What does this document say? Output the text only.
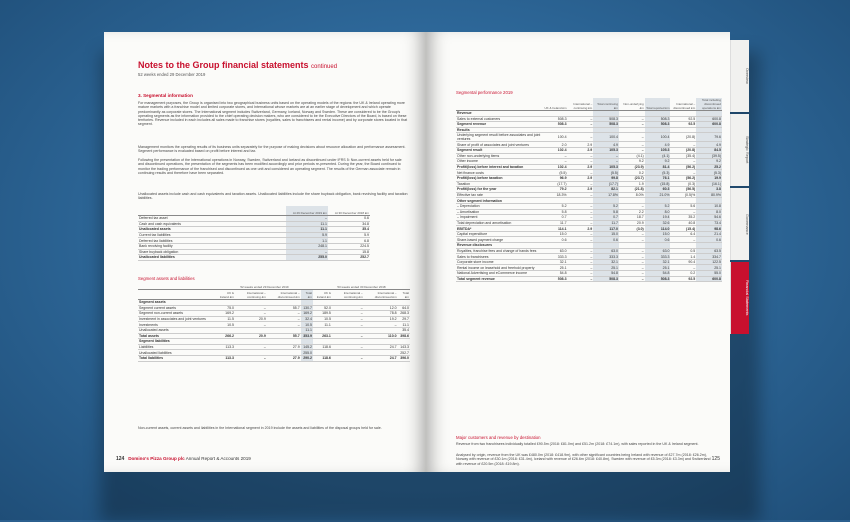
Notes to the Group financial statements continued
52 weeks ended 29 December 2019
3. Segmental information
For management purposes, the Group is organised into two geographical business units based on the operating models of the regions: the UK & Ireland operating more mature markets with a franchise model and limited corporate stores, and International whose markets are at an earlier stage of development and which operate predominantly as corporate stores. The International segment includes Switzerland, Germany, Iceland, Norway and Sweden. These are considered to be the Group's operating segments as the information provided to the chief operating decision makers, who are considered to be the Executive Directors of the Board, is based on these territories. Revenue included in each includes all sales made to franchise stores (royalties, sales to franchisees and rental income) and by corporate stores located in that segment.
Management monitors the operating results of its business units separately for the purpose of making decisions about resource allocation and performance assessment. Segment performance is evaluated based on profit before interest and tax.
Following the presentation of the International operations in Norway, Sweden, Switzerland and Iceland as discontinued under IFRS 5: Non-current assets held for sale and discontinued operations, the presentation of the segments has been modified accordingly and prior periods re-presented. During the year, the Board continued to monitor the trading performance of the franchised and discontinued as one unit and considered an operating segment. The results of the German associate remain in continuing results and therefore have been separated.
Unallocated assets include cash and cash equivalents and taxation assets. Unallocated liabilities include the share buyback obligation, bank revolving facility and taxation liabilities.
	At 29 December 2019 £m	At 30 December 2018 £m
Deferred tax asset	–	0.6
Cash and cash equivalents	11.1	34.8
Unallocated assets	11.1	35.4
Current tax liabilities	5.9	5.9
Deferred tax liabilities	1.1	6.8
Bank revolving facility	248.1	224.5
Share buyback obligation	–	15.8
Unallocated liabilities	255.0	252.7
Segment assets and liabilities
	52 weeks ended 29 December 2019				53 weeks ended 30 December 2018			
	UK & Ireland £m	International – continuing £m	International – discontinued £m	Total £m	UK & Ireland £m	International – continuing £m	International – discontinued £m	Total £m
Segment assets								
Segment current assets	75.0	–	55.7	130.7	52.0	–	12.0	64.0
Segment non-current assets	169.2	–	–	169.2	189.5	–	78.8	268.3
Investment in associates and joint ventures	11.5	20.9	–	32.4	10.5	–	19.2	29.7
Investments	10.5	–	–	10.5	11.1	–	–	11.1
Unallocated assets				11.1				35.4
Total assets	266.2	20.9	55.7	353.9	263.1	–	110.0	398.6
Segment liabilities								
Liabilities	113.3	–	27.9	145.2	118.6	–	24.7	143.3
Unallocated liabilities				255.0				252.7
Total liabilities	113.3	–	27.9	290.2	118.6	–	24.7	396.0
Non-current assets, current assets and liabilities in the International segment in 2019 include the assets and liabilities of the disposal groups held for sale.
124 Domino's Pizza Group plc Annual Report & Accounts 2019
Segmental performance 2019
	UK & Ireland £m	International – continuing £m	Total continuing £m	Non-underlying £m	Total reported £m	International – discontinued £m	Total including discontinued operations £m
Revenue							
Sales to external customers	508.3	–	508.3	–	508.3	92.5	600.8
Segment revenue	508.3	–	508.3	–	508.3	92.5	600.8
Results							
Underlying segment result before associates and joint ventures	100.4	–	100.4	–	100.4	(20.8)	79.6
Share of profit of associates and joint ventures	2.0	2.9	4.9	–	4.9	–	4.9
Segment result	102.4	2.9	105.3	–	105.3	(20.8)	84.5
Other non-underlying items	–	–	–	(4.1)	(4.1)	(35.4)	(39.5)
Other income	–	–	–	9.2	9.2	–	9.2
Profit/(loss) before interest and taxation	102.4	2.9	105.3	(23.9)	81.4	(56.2)	25.2
Net finance costs	(5.5)	–	(5.5)	0.2	(5.3)	–	(5.3)
Profit/(loss) before taxation	96.9	2.9	99.8	(23.7)	76.1	(56.2)	19.9
Taxation	(17.7)	–	(17.7)	1.9	(15.8)	(0.3)	(16.1)
Profit/(loss) for the year	79.2	2.9	82.1	(21.8)	60.3	(56.5)	3.8
Effective tax rate	18.3%	–	17.8%	8.0%	21.0%	(0.5)%	80.9%
Other segment information							
– Depreciation	5.2	–	5.2	–	5.2	5.6	10.8
– Amortisation	5.8	–	5.8	2.2	8.0	–	8.0
– Impairment	0.7	–	0.7	18.7	19.4	35.2	54.6
Total depreciation and amortisation	11.7	–	11.7	20.9	32.6	40.8	73.4
EBITDA*	114.1	2.9	117.0	(3.0)	114.0	(15.4)	98.6
Capital expenditure	15.0	–	15.0	–	15.0	6.4	21.4
Share-based payment charge	0.6	–	0.6	–	0.6	–	0.6
Revenue disclosures							
Royalties, franchise fees and change of hands fees	63.0	–	63.0	–	63.0	0.5	63.5
Sales to franchisees	333.3	–	333.3	–	333.3	1.4	334.7
Corporate store income	32.1	–	32.1	–	32.1	90.4	122.5
Rental income on leasehold and freehold property	25.1	–	25.1	–	25.1	–	25.1
National Advertising and eCommerce income	54.8	–	54.8	–	54.8	0.2	55.0
Total segment revenue	508.3	–	508.3	–	508.3	92.5	600.8
Major customers and revenue by destination
Revenue from two franchisees individually totalled £90.5m (2018: £81.0m) and £51.2m (2018: £74.1m), with sales reported in the UK & Ireland segment.
Analysed by origin, revenue from the UK was £480.0m (2018: £418.9m), with other significant countries being Ireland with revenue of £27.7m (2018: £26.2m), Norway with revenue of £30.1m (2018: £31.4m), Iceland with revenue of £26.6m (2018: £40.8m), Sweden with revenue of £5.3m (2018: £3.3m) and Switzerland with revenue of £20.5m (2018: £19.8m).
125
Overview
Strategic Report
Governance
Financial Statements
